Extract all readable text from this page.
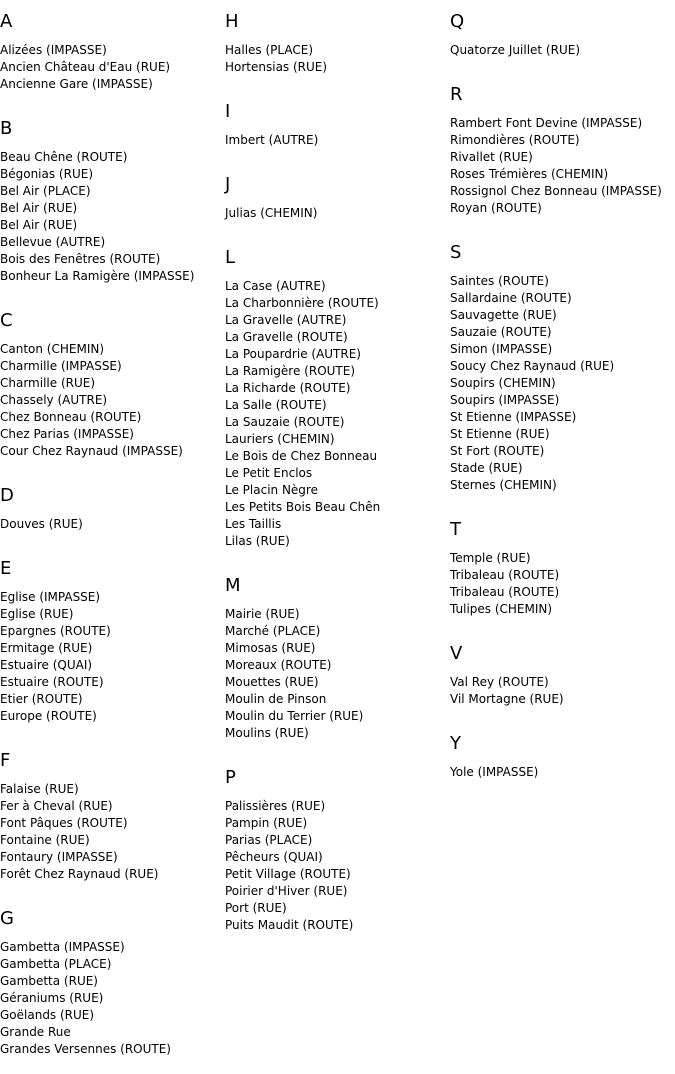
A
Alizées (IMPASSE)
Ancien Château d'Eau (RUE)
Ancienne Gare (IMPASSE)
B
Beau Chêne (ROUTE)
Bégonias (RUE)
Bel Air (PLACE)
Bel Air (RUE)
Bel Air (RUE)
Bellevue (AUTRE)
Bois des Fenêtres (ROUTE)
Bonheur La Ramigère (IMPASSE)
C
Canton (CHEMIN)
Charmille (IMPASSE)
Charmille (RUE)
Chassely (AUTRE)
Chez Bonneau (ROUTE)
Chez Parias (IMPASSE)
Cour Chez Raynaud (IMPASSE)
D
Douves (RUE)
E
Eglise (IMPASSE)
Eglise (RUE)
Epargnes (ROUTE)
Ermitage (RUE)
Estuaire (QUAI)
Estuaire (ROUTE)
Etier (ROUTE)
Europe (ROUTE)
F
Falaise (RUE)
Fer à Cheval (RUE)
Font Pâques (ROUTE)
Fontaine (RUE)
Fontaury (IMPASSE)
Forêt Chez Raynaud (RUE)
G
Gambetta (IMPASSE)
Gambetta (PLACE)
Gambetta (RUE)
Géraniums (RUE)
Goëlands (RUE)
Grande Rue
Grandes Versennes (ROUTE)
H
Halles (PLACE)
Hortensias (RUE)
I
Imbert (AUTRE)
J
Julias (CHEMIN)
L
La Case (AUTRE)
La Charbonnière (ROUTE)
La Gravelle (AUTRE)
La Gravelle (ROUTE)
La Poupardrie (AUTRE)
La Ramigère (ROUTE)
La Richarde (ROUTE)
La Salle (ROUTE)
La Sauzaie (ROUTE)
Lauriers (CHEMIN)
Le Bois de Chez Bonneau
Le Petit Enclos
Le Placin Nègre
Les Petits Bois Beau Chên
Les Taillis
Lilas (RUE)
M
Mairie (RUE)
Marché (PLACE)
Mimosas (RUE)
Moreaux (ROUTE)
Mouettes (RUE)
Moulin de Pinson
Moulin du Terrier (RUE)
Moulins (RUE)
P
Palissières (RUE)
Pampin (RUE)
Parias (PLACE)
Pêcheurs (QUAI)
Petit Village (ROUTE)
Poirier d'Hiver (RUE)
Port (RUE)
Puits Maudit (ROUTE)
Q
Quatorze Juillet (RUE)
R
Rambert Font Devine (IMPASSE)
Rimondières (ROUTE)
Rivallet (RUE)
Roses Trémières (CHEMIN)
Rossignol Chez Bonneau (IMPASSE)
Royan (ROUTE)
S
Saintes (ROUTE)
Sallardaine (ROUTE)
Sauvagette (RUE)
Sauzaie (ROUTE)
Simon (IMPASSE)
Soucy Chez Raynaud (RUE)
Soupirs (CHEMIN)
Soupirs (IMPASSE)
St Etienne (IMPASSE)
St Etienne (RUE)
St Fort (ROUTE)
Stade (RUE)
Sternes (CHEMIN)
T
Temple (RUE)
Tribaleau (ROUTE)
Tribaleau (ROUTE)
Tulipes (CHEMIN)
V
Val Rey (ROUTE)
Vil Mortagne (RUE)
Y
Yole (IMPASSE)
